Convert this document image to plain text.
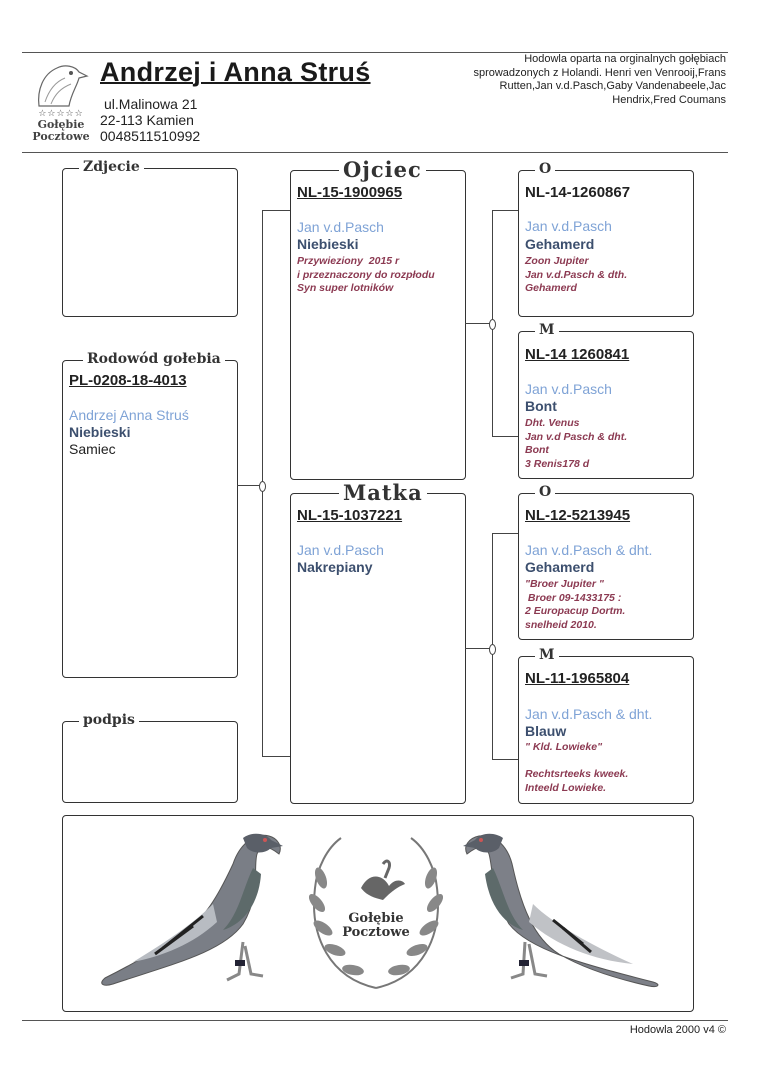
☆☆☆☆☆
Gołębie
Pocztowe
Andrzej i Anna Struś
ul.Malinowa 21
22-113 Kamien
0048511510992
Hodowla oparta na orginalnych gołębiach sprowadzonych z Holandi. Henri ven Venrooij,Frans Rutten,Jan v.d.Pasch,Gaby Vandenabeele,Jac Hendrix,Fred Coumans
Zdjecie
Rodowód gołebia
PL-0208-18-4013
Andrzej Anna Struś
Niebieski
Samiec
podpis
Ojciec
NL-15-1900965
Jan v.d.Pasch
Niebieski
Przywieziony  2015 r
i przeznaczony do rozpłodu
Syn super lotników
Matka
NL-15-1037221
Jan v.d.Pasch
Nakrepiany
O
NL-14-1260867
Jan v.d.Pasch
Gehamerd
Zoon Jupiter
Jan v.d.Pasch & dth.
Gehamerd
M
NL-14 1260841
Jan v.d.Pasch
Bont
Dht. Venus
Jan v.d Pasch & dht.
Bont
3 Renis178 d
O
NL-12-5213945
Jan v.d.Pasch & dht.
Gehamerd
"Broer Jupiter "
Broer 09-1433175 :
2 Europacup Dortm.
snelheid 2010.
M
NL-11-1965804
Jan v.d.Pasch & dht.
Blauw
" Kld. Lowieke"
Rechtsrteeks kweek.
Inteeld Lowieke.
Gołębie
Pocztowe
Hodowla 2000 v4 ©
